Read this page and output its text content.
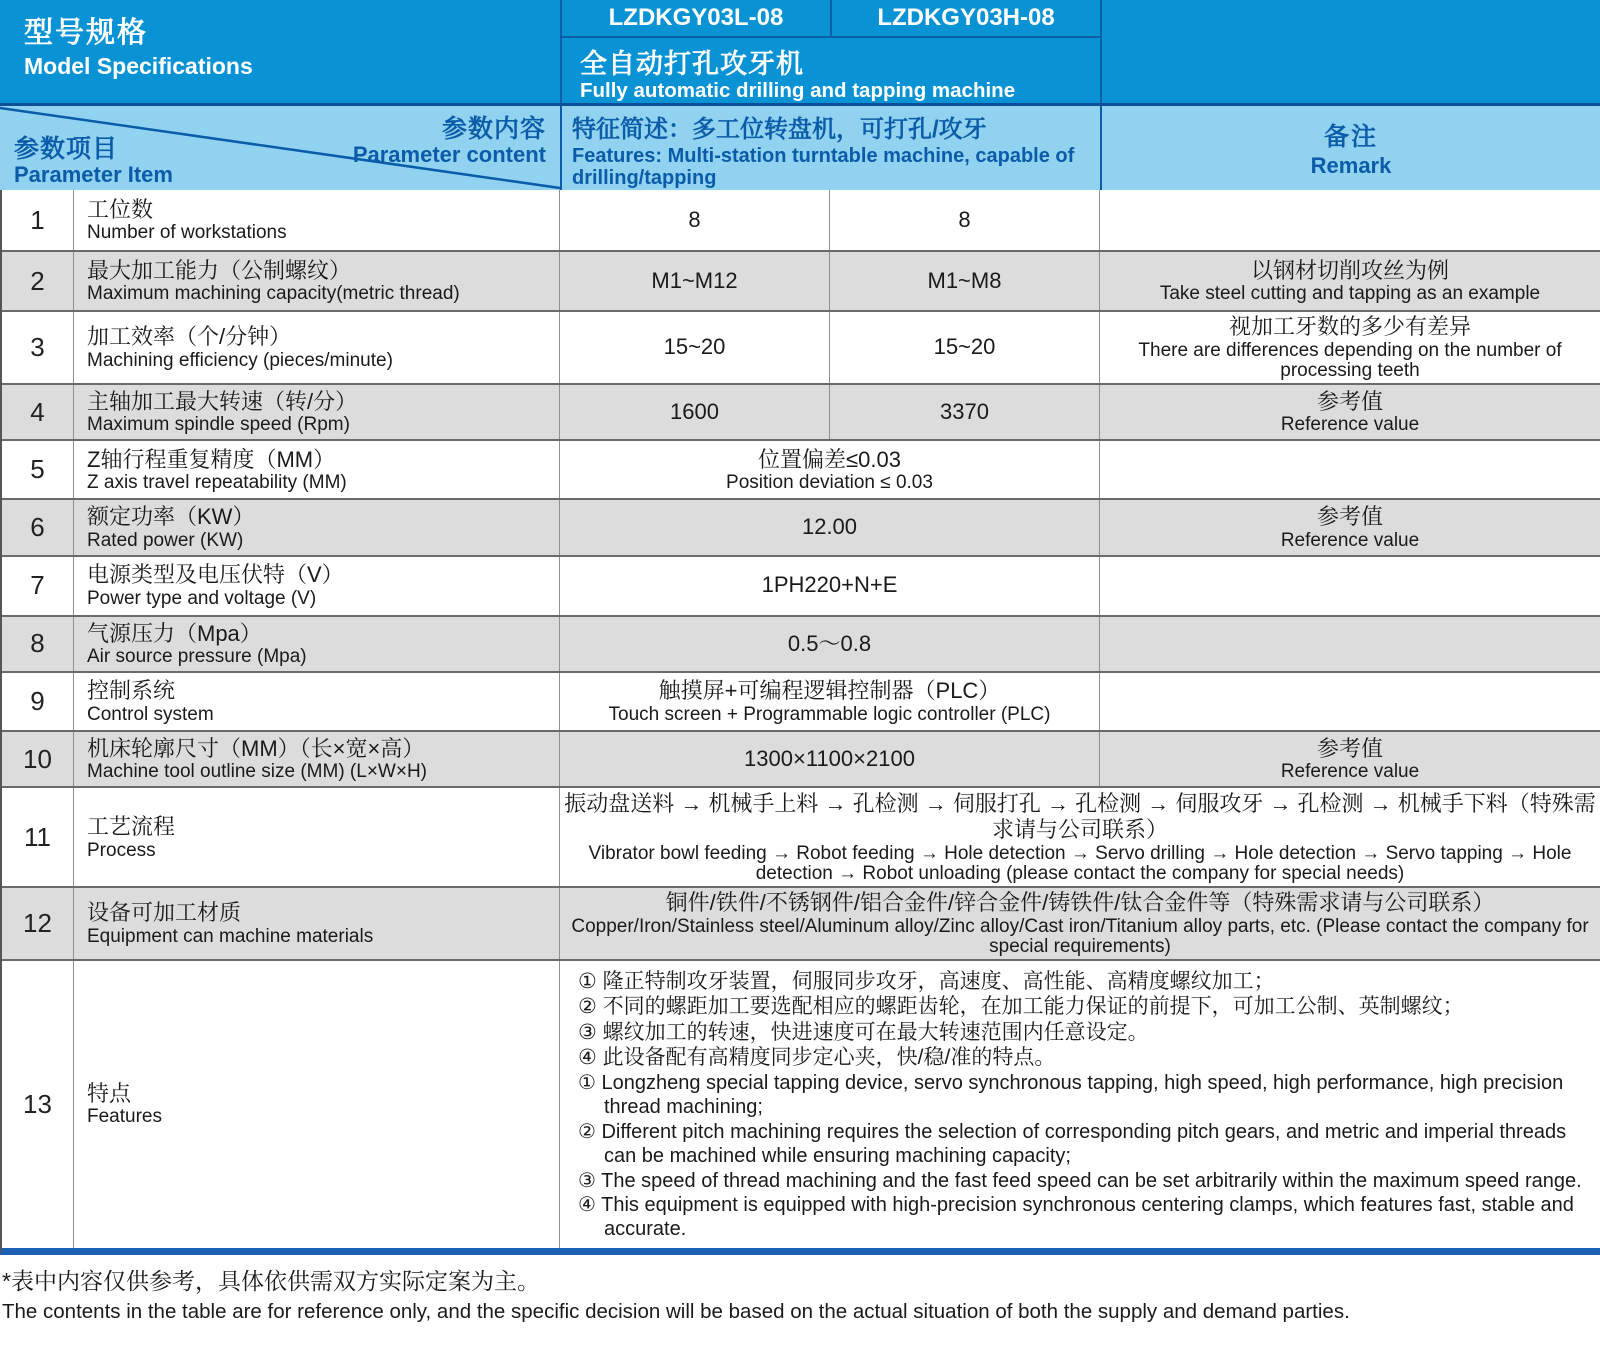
型号规格
Model Specifications
LZDKGY03L-08	LZDKGY03H-08
全自动打孔攻牙机
Fully automatic drilling and tapping machine
参数内容
Parameter content
参数项目
Parameter Item
特征简述：多工位转盘机，可打孔/攻牙
Features: Multi-station turntable machine, capable of drilling/tapping
备注
Remark
1	工位数
Number of workstations
8	8
2	最大加工能力（公制螺纹）
Maximum machining capacity(metric thread)
M1~M12	M1~M8	以钢材切削攻丝为例
Take steel cutting and tapping as an example
3	加工效率（个/分钟）
Machining efficiency (pieces/minute)
15~20	15~20
视加工牙数的多少有差异
There are differences depending on the number of processing teeth
4	主轴加工最大转速（转/分）
Maximum spindle speed (Rpm)
1600	3370	参考值
Reference value
5	Z轴行程重复精度（MM）
Z axis travel repeatability (MM)
位置偏差≤0.03
Position deviation ≤ 0.03
6	额定功率（KW）
Rated power (KW)
12.00	参考值
Reference value
7	电源类型及电压伏特（V）
Power type and voltage (V)
1PH220+N+E
8	气源压力（Mpa）
Air source pressure (Mpa)
0.5～0.8
9	控制系统
Control system
触摸屏+可编程逻辑控制器（PLC）
Touch screen + Programmable logic controller (PLC)
10	机床轮廓尺寸（MM）（长×宽×高）
Machine tool outline size (MM) (L×W×H)
1300×1100×2100	参考值
Reference value
11	工艺流程
Process
振动盘送料 → 机械手上料 → 孔检测 → 伺服打孔 → 孔检测 → 伺服攻牙 → 孔检测 → 机械手下料（特殊需求请与公司联系）
Vibrator bowl feeding → Robot feeding → Hole detection → Servo drilling → Hole detection → Servo tapping → Hole detection → Robot unloading (please contact the company for special needs)
12	设备可加工材质
Equipment can machine materials
铜件/铁件/不锈钢件/铝合金件/锌合金件/铸铁件/钛合金件等（特殊需求请与公司联系）
Copper/Iron/Stainless steel/Aluminum alloy/Zinc alloy/Cast iron/Titanium alloy parts, etc. (Please contact the company for special requirements)
13	特点
Features
① 隆正特制攻牙装置，伺服同步攻牙，高速度、高性能、高精度螺纹加工；
② 不同的螺距加工要选配相应的螺距齿轮，在加工能力保证的前提下，可加工公制、英制螺纹；
③ 螺纹加工的转速，快进速度可在最大转速范围内任意设定。
④ 此设备配有高精度同步定心夹，快/稳/准的特点。
① Longzheng special tapping device, servo synchronous tapping, high speed, high performance, high precision thread machining;
② Different pitch machining requires the selection of corresponding pitch gears, and metric and imperial threads can be machined while ensuring machining capacity;
③ The speed of thread machining and the fast feed speed can be set arbitrarily within the maximum speed range.
④ This equipment is equipped with high-precision synchronous centering clamps, which features fast, stable and accurate.
*表中内容仅供参考，具体依供需双方实际定案为主。
The contents in the table are for reference only, and the specific decision will be based on the actual situation of both the supply and demand parties.
